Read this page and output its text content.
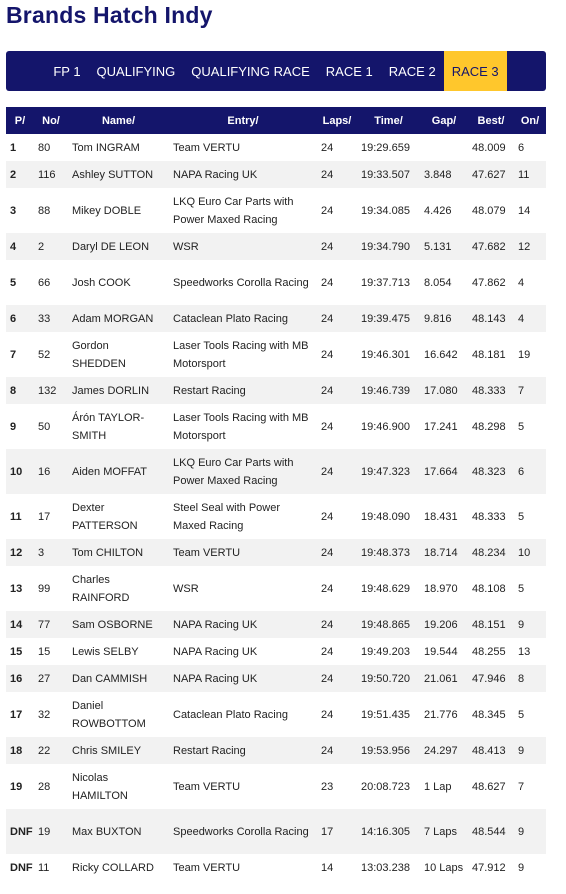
Brands Hatch Indy
FP 1	QUALIFYING	QUALIFYING RACE	RACE 1	RACE 2	RACE 3
P/	No/	Name/	Entry/	Laps/	Time/	Gap/	Best/	On/
1	80	Tom INGRAM	Team VERTU	24	19:29.659		48.009	6
2	116	Ashley SUTTON	NAPA Racing UK	24	19:33.507	3.848	47.627	11
3	88	Mikey DOBLE	LKQ Euro Car Parts with Power Maxed Racing	24	19:34.085	4.426	48.079	14
4	2	Daryl DE LEON	WSR	24	19:34.790	5.131	47.682	12
5	66	Josh COOK	Speedworks Corolla Racing	24	19:37.713	8.054	47.862	4
6	33	Adam MORGAN	Cataclean Plato Racing	24	19:39.475	9.816	48.143	4
7	52	Gordon SHEDDEN	Laser Tools Racing with MB Motorsport	24	19:46.301	16.642	48.181	19
8	132	James DORLIN	Restart Racing	24	19:46.739	17.080	48.333	7
9	50	Árón TAYLOR-SMITH	Laser Tools Racing with MB Motorsport	24	19:46.900	17.241	48.298	5
10	16	Aiden MOFFAT	LKQ Euro Car Parts with Power Maxed Racing	24	19:47.323	17.664	48.323	6
11	17	Dexter PATTERSON	Steel Seal with Power Maxed Racing	24	19:48.090	18.431	48.333	5
12	3	Tom CHILTON	Team VERTU	24	19:48.373	18.714	48.234	10
13	99	Charles RAINFORD	WSR	24	19:48.629	18.970	48.108	5
14	77	Sam OSBORNE	NAPA Racing UK	24	19:48.865	19.206	48.151	9
15	15	Lewis SELBY	NAPA Racing UK	24	19:49.203	19.544	48.255	13
16	27	Dan CAMMISH	NAPA Racing UK	24	19:50.720	21.061	47.946	8
17	32	Daniel ROWBOTTOM	Cataclean Plato Racing	24	19:51.435	21.776	48.345	5
18	22	Chris SMILEY	Restart Racing	24	19:53.956	24.297	48.413	9
19	28	Nicolas HAMILTON	Team VERTU	23	20:08.723	1 Lap	48.627	7
DNF	19	Max BUXTON	Speedworks Corolla Racing	17	14:16.305	7 Laps	48.544	9
DNF	11	Ricky COLLARD	Team VERTU	14	13:03.238	10 Laps	47.912	9
